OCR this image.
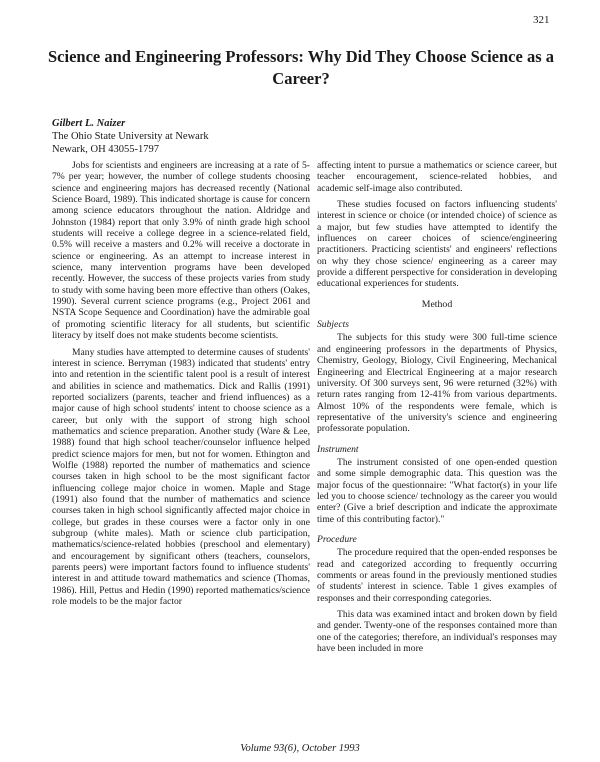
321
Science and Engineering Professors: Why Did They Choose Science as a Career?
Gilbert L. Naizer
The Ohio State University at Newark
Newark, OH 43055-1797

Jobs for scientists and engineers are increasing at a rate of 5-7% per year; however, the number of college students choosing science and engineering majors has decreased recently (National Science Board, 1989). This indicated shortage is cause for concern among science educators throughout the nation. Aldridge and Johnston (1984) report that only 3.9% of ninth grade high school students will receive a college degree in a science-related field, 0.5% will receive a masters and 0.2% will receive a doctorate in science or engineering. As an attempt to increase interest in science, many intervention programs have been developed recently. However, the success of these projects varies from study to study with some having been more effective than others (Oakes, 1990). Several current science programs (e.g., Project 2061 and NSTA Scope Sequence and Coordination) have the admirable goal of promoting scientific literacy for all students, but scientific literacy by itself does not make students become scientists.

Many studies have attempted to determine causes of students' interest in science. Berryman (1983) indicated that students' entry into and retention in the scientific talent pool is a result of interest and abilities in science and mathematics. Dick and Rallis (1991) reported socializers (parents, teacher and friend influences) as a major cause of high school students' intent to choose science as a career, but only with the support of strong high school mathematics and science preparation. Another study (Ware & Lee, 1988) found that high school teacher/counselor influence helped predict science majors for men, but not for women. Ethington and Wolfle (1988) reported the number of mathematics and science courses taken in high school to be the most significant factor influencing college major choice in women. Maple and Stage (1991) also found that the number of mathematics and science courses taken in high school significantly affected major choice in college, but grades in these courses were a factor only in one subgroup (white males). Math or science club participation, mathematics/science-related hobbies (preschool and elementary) and encouragement by significant others (teachers, counselors, parents peers) were important factors found to influence students' interest in and attitude toward mathematics and science (Thomas, 1986). Hill, Pettus and Hedin (1990) reported mathematics/science role models to be the major factor

affecting intent to pursue a mathematics or science career, but teacher encouragement, science-related hobbies, and academic self-image also contributed.

These studies focused on factors influencing students' interest in science or choice (or intended choice) of science as a major, but few studies have attempted to identify the influences on career choices of science/engineering practitioners. Practicing scientists' and engineers' reflections on why they chose science/ engineering as a career may provide a different perspective for consideration in developing educational experiences for students.

Method
Subjects

The subjects for this study were 300 full-time science and engineering professors in the departments of Physics, Chemistry, Geology, Biology, Civil Engineering, Mechanical Engineering and Electrical Engineering at a major research university. Of 300 surveys sent, 96 were returned (32%) with return rates ranging from 12-41% from various departments. Almost 10% of the respondents were female, which is representative of the university's science and engineering professorate population.

Instrument

The instrument consisted of one open-ended question and some simple demographic data. This question was the major focus of the questionnaire: "What factor(s) in your life led you to choose science/ technology as the career you would enter? (Give a brief description and indicate the approximate time of this contributing factor)."

Procedure

The procedure required that the open-ended responses be read and categorized according to frequently occurring comments or areas found in the previously mentioned studies of students' interest in science. Table 1 gives examples of responses and their corresponding categories.

This data was examined intact and broken down by field and gender. Twenty-one of the responses contained more than one of the categories; therefore, an individual's responses may have been included in more

Volume 93(6), October 1993
